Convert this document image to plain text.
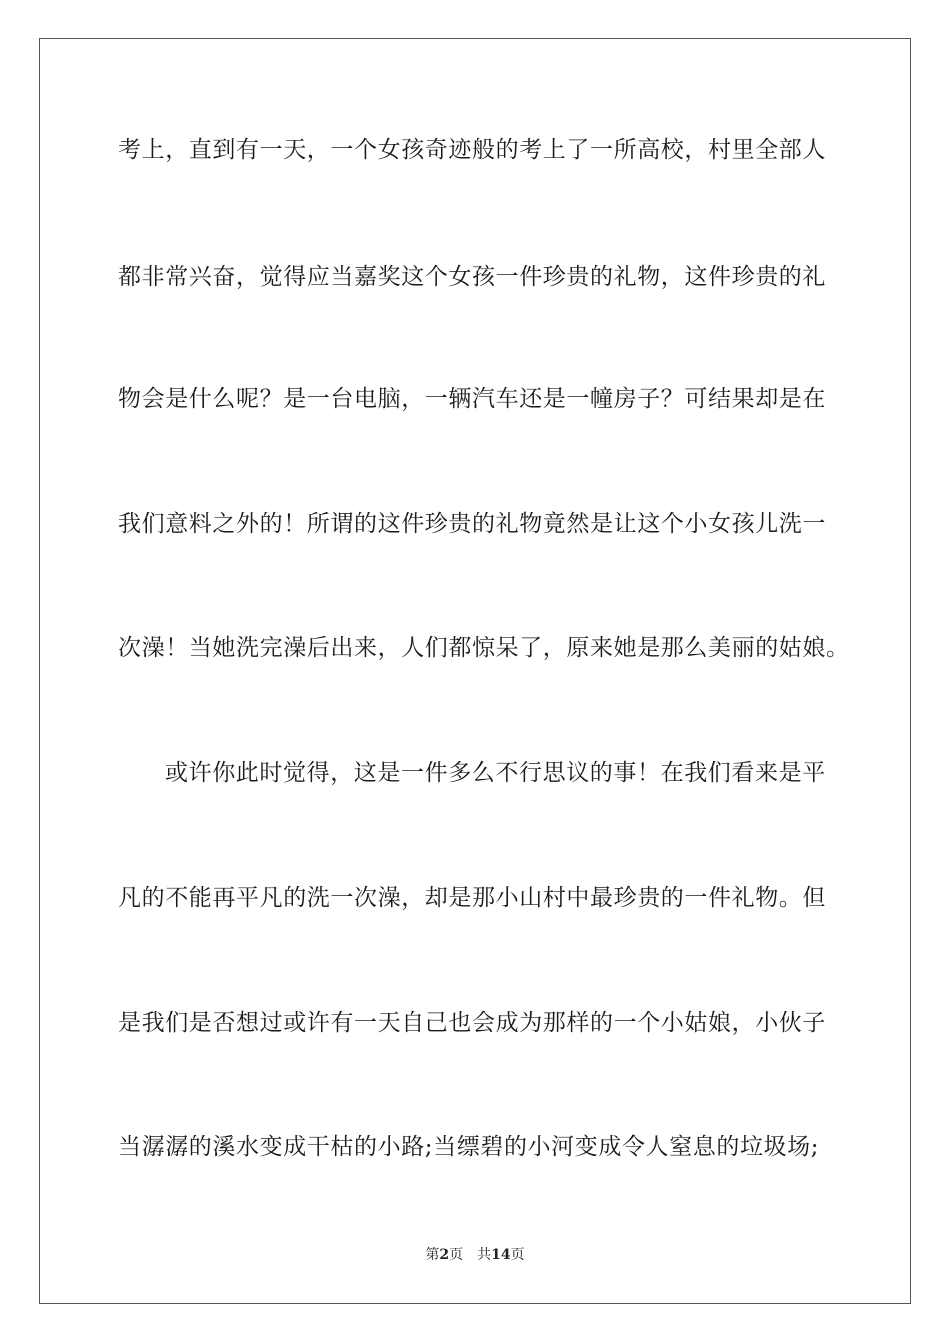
考上，直到有一天，一个女孩奇迹般的考上了一所高校，村里全部人
都非常兴奋，觉得应当嘉奖这个女孩一件珍贵的礼物，这件珍贵的礼
物会是什么呢？是一台电脑，一辆汽车还是一幢房子？可结果却是在
我们意料之外的！所谓的这件珍贵的礼物竟然是让这个小女孩儿洗一
次澡！当她洗完澡后出来，人们都惊呆了，原来她是那么美丽的姑娘。
或许你此时觉得，这是一件多么不行思议的事！在我们看来是平
凡的不能再平凡的洗一次澡，却是那小山村中最珍贵的一件礼物。但
是我们是否想过或许有一天自己也会成为那样的一个小姑娘，小伙子
当潺潺的溪水变成干枯的小路;当缥碧的小河变成令人窒息的垃圾场;
第2页 共14页
